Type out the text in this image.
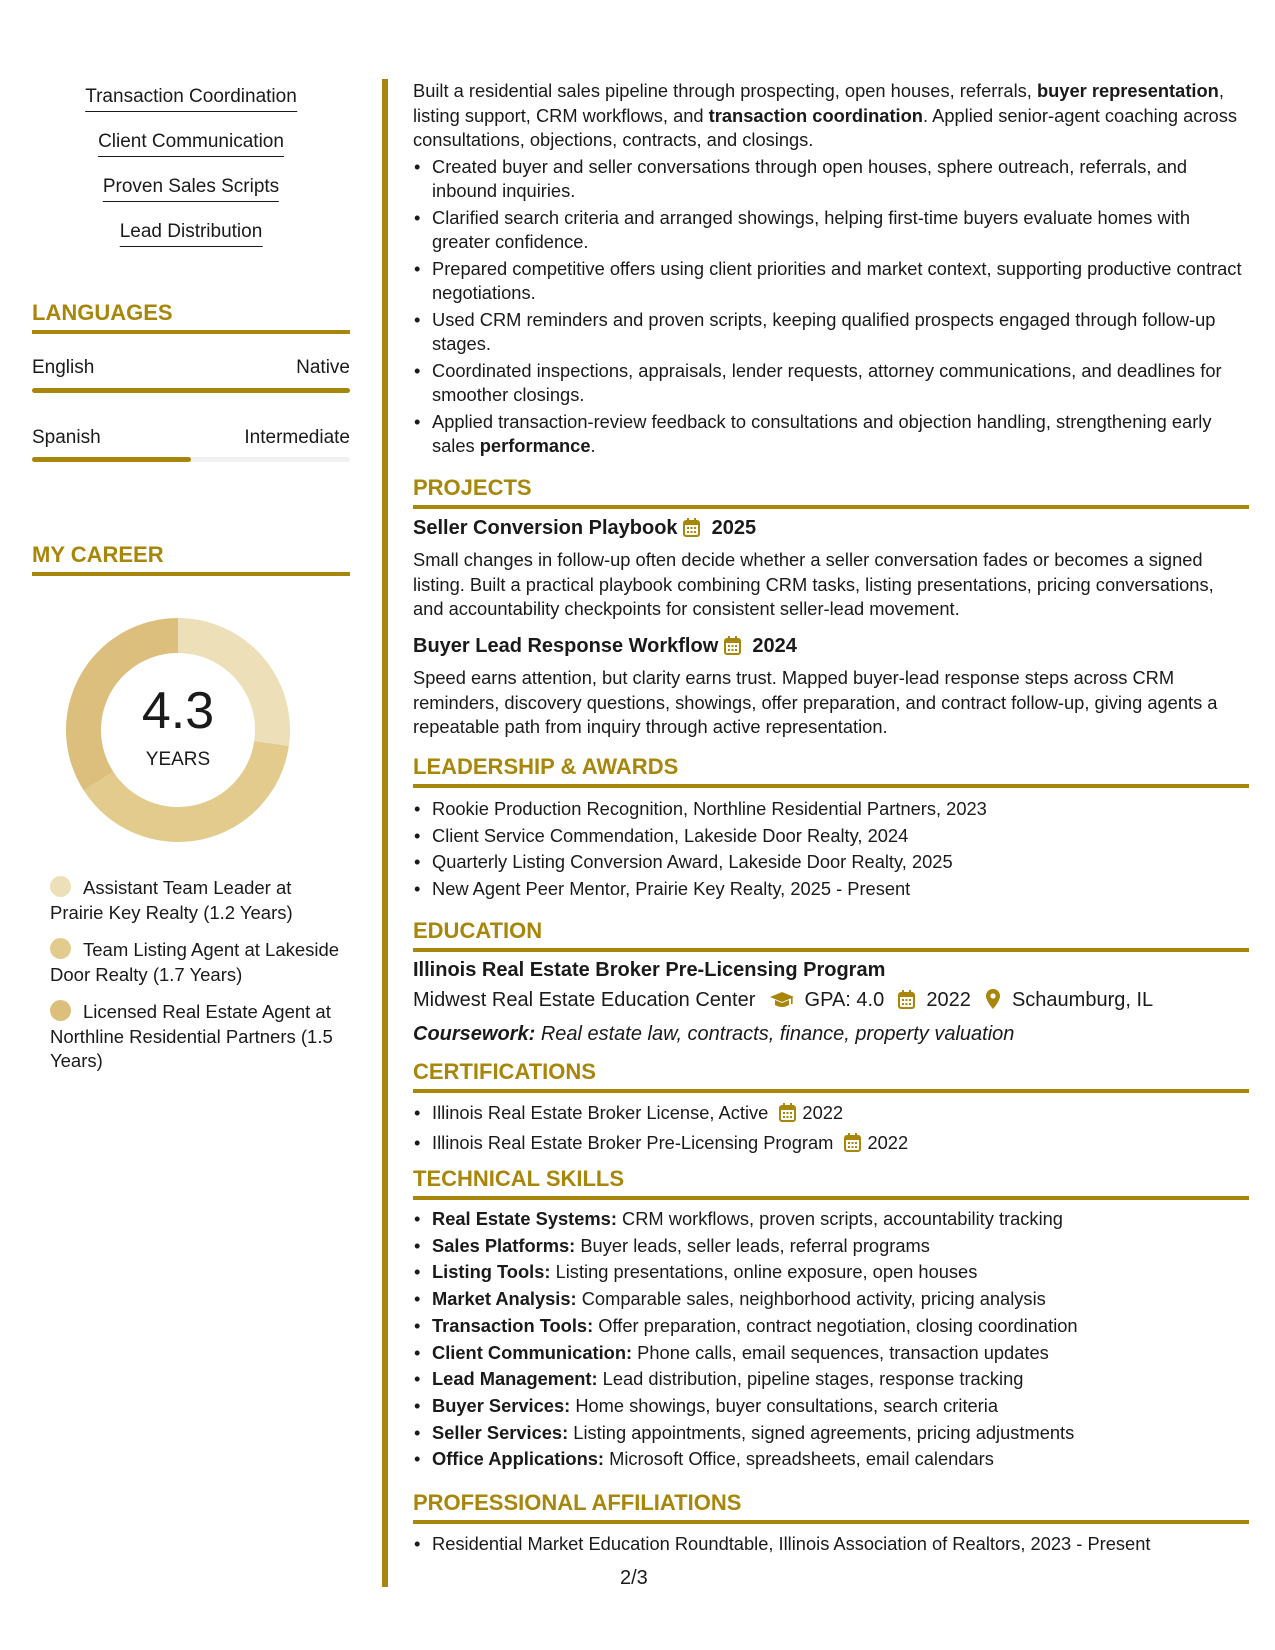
Transaction Coordination
Client Communication
Proven Sales Scripts
Lead Distribution
LANGUAGES
English	Native
Spanish	Intermediate
MY CAREER
4.3
YEARS
Assistant Team Leader at Prairie Key Realty (1.2 Years)
Team Listing Agent at Lakeside Door Realty (1.7 Years)
Licensed Real Estate Agent at Northline Residential Partners (1.5 Years)
Built a residential sales pipeline through prospecting, open houses, referrals, buyer representation, listing support, CRM workflows, and transaction coordination. Applied senior-agent coaching across consultations, objections, contracts, and closings.
• Created buyer and seller conversations through open houses, sphere outreach, referrals, and inbound inquiries.
• Clarified search criteria and arranged showings, helping first-time buyers evaluate homes with greater confidence.
• Prepared competitive offers using client priorities and market context, supporting productive contract negotiations.
• Used CRM reminders and proven scripts, keeping qualified prospects engaged through follow-up stages.
• Coordinated inspections, appraisals, lender requests, attorney communications, and deadlines for smoother closings.
• Applied transaction-review feedback to consultations and objection handling, strengthening early sales performance.
PROJECTS
Seller Conversion Playbook 2025
Small changes in follow-up often decide whether a seller conversation fades or becomes a signed listing. Built a practical playbook combining CRM tasks, listing presentations, pricing conversations, and accountability checkpoints for consistent seller-lead movement.
Buyer Lead Response Workflow 2024
Speed earns attention, but clarity earns trust. Mapped buyer-lead response steps across CRM reminders, discovery questions, showings, offer preparation, and contract follow-up, giving agents a repeatable path from inquiry through active representation.
LEADERSHIP & AWARDS
• Rookie Production Recognition, Northline Residential Partners, 2023
• Client Service Commendation, Lakeside Door Realty, 2024
• Quarterly Listing Conversion Award, Lakeside Door Realty, 2025
• New Agent Peer Mentor, Prairie Key Realty, 2025 - Present
EDUCATION
Illinois Real Estate Broker Pre-Licensing Program
Midwest Real Estate Education Center GPA: 4.0 2022 Schaumburg, IL
Coursework: Real estate law, contracts, finance, property valuation
CERTIFICATIONS
• Illinois Real Estate Broker License, Active 2022
• Illinois Real Estate Broker Pre-Licensing Program 2022
TECHNICAL SKILLS
• Real Estate Systems: CRM workflows, proven scripts, accountability tracking
• Sales Platforms: Buyer leads, seller leads, referral programs
• Listing Tools: Listing presentations, online exposure, open houses
• Market Analysis: Comparable sales, neighborhood activity, pricing analysis
• Transaction Tools: Offer preparation, contract negotiation, closing coordination
• Client Communication: Phone calls, email sequences, transaction updates
• Lead Management: Lead distribution, pipeline stages, response tracking
• Buyer Services: Home showings, buyer consultations, search criteria
• Seller Services: Listing appointments, signed agreements, pricing adjustments
• Office Applications: Microsoft Office, spreadsheets, email calendars
PROFESSIONAL AFFILIATIONS
• Residential Market Education Roundtable, Illinois Association of Realtors, 2023 - Present
2/3
